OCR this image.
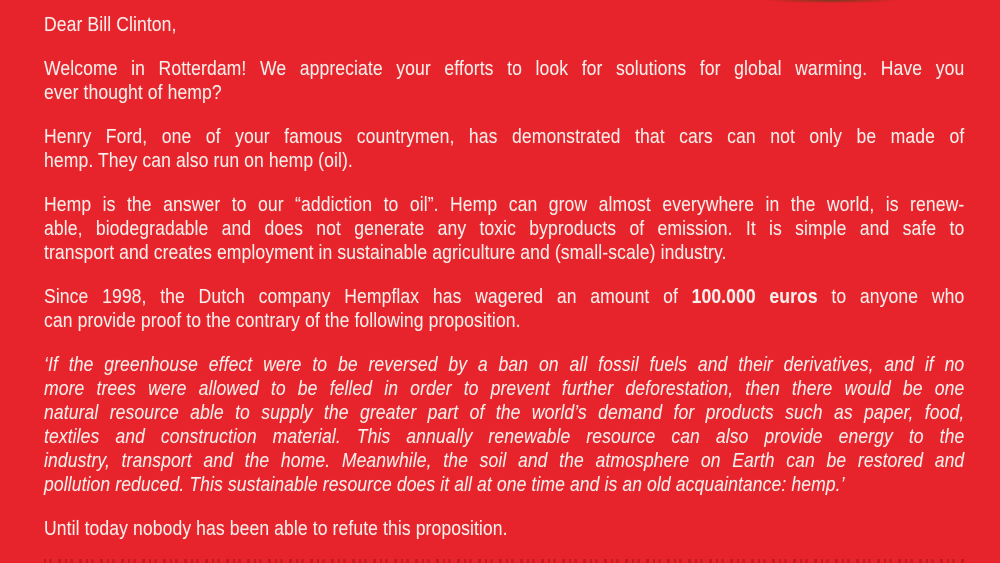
Dear Bill Clinton,

Welcome in Rotterdam! We appreciate your efforts to look for solutions for global warming. Have you
ever thought of hemp?

Henry Ford, one of your famous countrymen, has demonstrated that cars can not only be made of
hemp. They can also run on hemp (oil).

Hemp is the answer to our “addiction to oil”. Hemp can grow almost everywhere in the world, is renew-
able, biodegradable and does not generate any toxic byproducts of emission. It is simple and safe to
transport and creates employment in sustainable agriculture and (small-scale) industry.

Since 1998, the Dutch company Hempflax has wagered an amount of 100.000 euros to anyone who
can provide proof to the contrary of the following proposition.

‘If the greenhouse effect were to be reversed by a ban on all fossil fuels and their derivatives, and if no
more trees were allowed to be felled in order to prevent further deforestation, then there would be one
natural resource able to supply the greater part of the world’s demand for products such as paper, food,
textiles and construction material. This annually renewable resource can also provide energy to the
industry, transport and the home. Meanwhile, the soil and the atmosphere on Earth can be restored and
pollution reduced. This sustainable resource does it all at one time and is an old acquaintance: hemp.’

Until today nobody has been able to refute this proposition.
